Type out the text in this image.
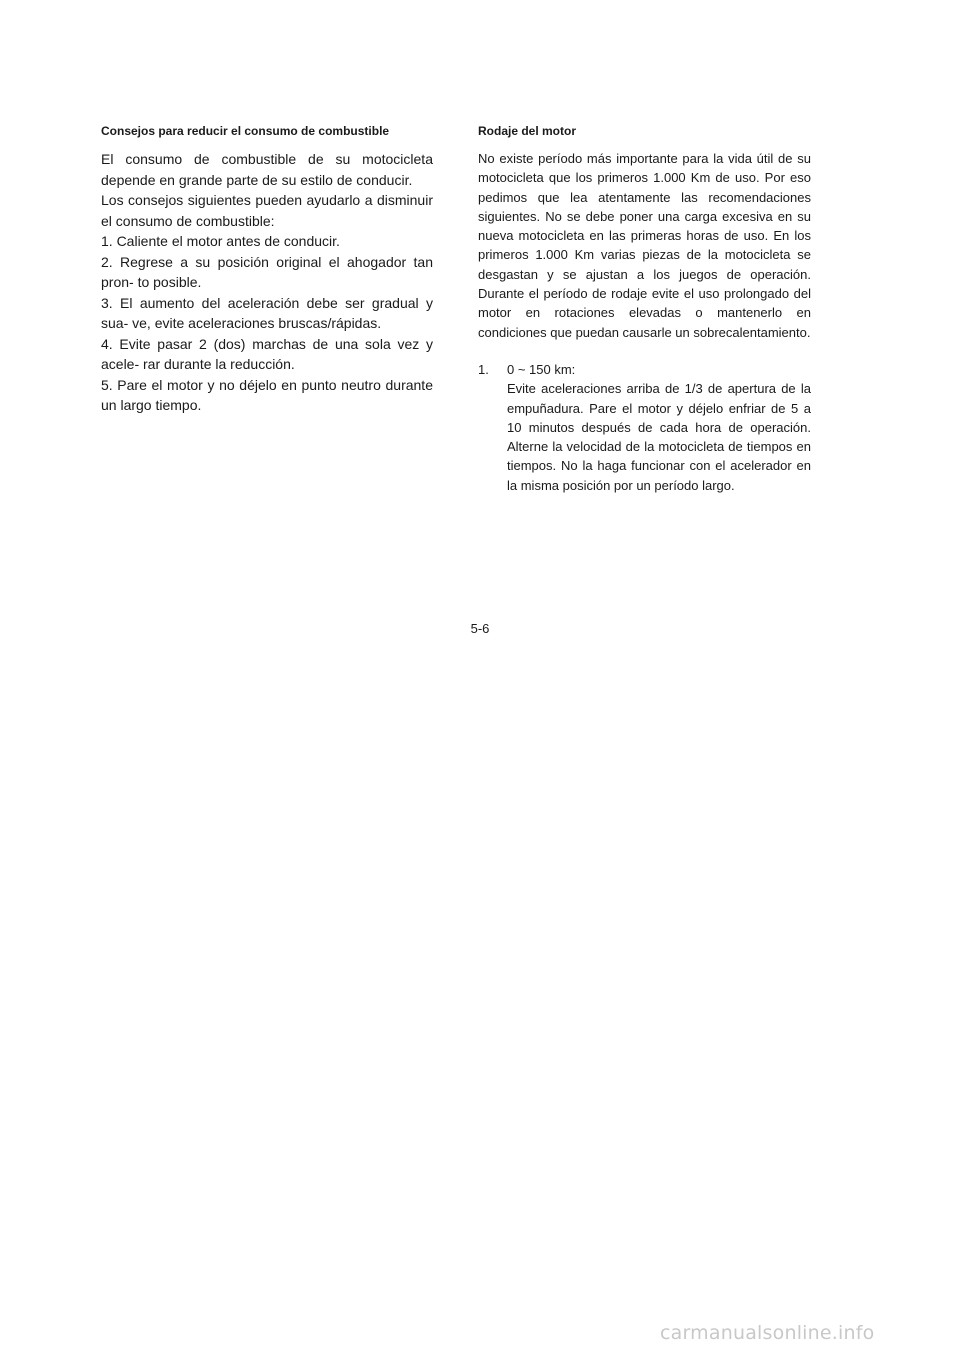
Consejos para reducir el consumo de combustible
El consumo de combustible de su motocicleta depende en grande parte de su estilo de conducir.
Los consejos siguientes pueden ayudarlo a disminuir el consumo de combustible:
1. Caliente el motor antes de conducir.
2. Regrese a su posición original el ahogador tan pron- to posible.
3. El aumento del aceleración debe ser gradual y sua- ve, evite aceleraciones bruscas/rápidas.
4. Evite pasar 2 (dos) marchas de una sola vez y acele- rar durante la reducción.
5. Pare el motor y no déjelo en punto neutro durante un largo tiempo.
Rodaje del motor
No existe período más importante para la vida útil de su motocicleta que los primeros 1.000 Km de uso. Por eso pedimos que lea atentamente las recomendaciones siguientes. No se debe poner una carga excesiva en su nueva motocicleta en las primeras horas de uso. En los primeros 1.000 Km varias piezas de la motocicleta se desgastan y se ajustan a los juegos de operación. Durante el período de rodaje evite el uso prolongado del motor en rotaciones elevadas o mantenerlo en condiciones que puedan causarle un sobrecalentamiento.
1.	0 ~ 150 km:
Evite aceleraciones arriba de 1/3 de apertura de la empuñadura. Pare el motor y déjelo enfriar de 5 a 10 minutos después de cada hora de operación. Alterne la velocidad de la motocicleta de tiempos en tiempos. No la haga funcionar con el acelerador en la misma posición por un período largo.
5-6
carmanualsonline.info
